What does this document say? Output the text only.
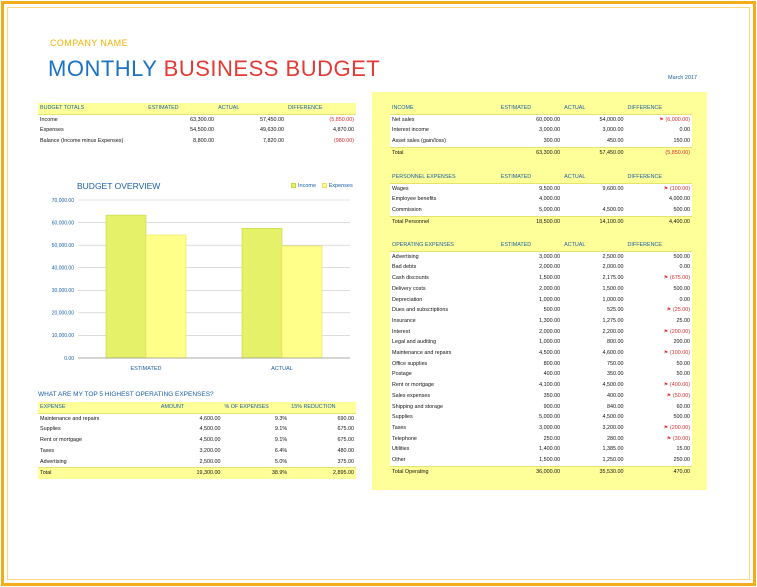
COMPANY NAME
MONTHLY BUSINESS BUDGET	March 2017
BUDGET TOTALS	ESTIMATED	ACTUAL	DIFFERENCE
Income	63,300.00	57,450.00	(5,850.00)
Expenses	54,500.00	49,630.00	4,870.00
Balance (Income minus Expenses)	8,800.00	7,820.00	(980.00)
BUDGET OVERVIEW	Income Expenses
0.00
10,000.00
20,000.00
30,000.00
40,000.00
50,000.00
60,000.00
70,000.00
ESTIMATED	ACTUAL
WHAT ARE MY TOP 5 HIGHEST OPERATING EXPENSES?
EXPENSE	AMOUNT	% OF EXPENSES	15% REDUCTION
Maintenance and repairs	4,600.00	9.3%	690.00
Supplies	4,500.00	9.1%	675.00
Rent or mortgage	4,500.00	9.1%	675.00
Taxes	3,200.00	6.4%	480.00
Advertising	2,500.00	5.0%	375.00
Total	19,300.00	38.9%	2,895.00
INCOME	ESTIMATED	ACTUAL	DIFFERENCE
Net sales	60,000.00	54,000.00	⚑ (6,000.00)
Interest income	3,000.00	3,000.00	0.00
Asset sales (gain/loss)	300.00	450.00	150.00
Total	63,300.00	57,450.00	(5,850.00)
PERSONNEL EXPENSES	ESTIMATED	ACTUAL	DIFFERENCE
Wages	9,500.00	9,600.00	⚑ (100.00)
Employee benefits	4,000.00		4,000.00
Commission	5,000.00	4,500.00	500.00
Total Personnel	18,500.00	14,100.00	4,400.00
OPERATING EXPENSES	ESTIMATED	ACTUAL	DIFFERENCE
Advertising	3,000.00	2,500.00	500.00
Bad debts	2,000.00	2,000.00	0.00
Cash discounts	1,500.00	2,175.00	⚑ (675.00)
Delivery costs	2,000.00	1,500.00	500.00
Depreciation	1,000.00	1,000.00	0.00
Dues and subscriptions	500.00	525.00	⚑ (25.00)
Insurance	1,300.00	1,275.00	25.00
Interest	2,000.00	2,200.00	⚑ (200.00)
Legal and auditing	1,000.00	800.00	200.00
Maintenance and repairs	4,500.00	4,600.00	⚑ (100.00)
Office supplies	800.00	750.00	50.00
Postage	400.00	350.00	50.00
Rent or mortgage	4,100.00	4,500.00	⚑ (400.00)
Sales expenses	350.00	400.00	⚑ (50.00)
Shipping and storage	900.00	840.00	60.00
Supplies	5,000.00	4,500.00	500.00
Taxes	3,000.00	3,200.00	⚑ (200.00)
Telephone	250.00	280.00	⚑ (30.00)
Utilities	1,400.00	1,385.00	15.00
Other	1,500.00	1,250.00	250.00
Total Operating	36,000.00	35,530.00	470.00
